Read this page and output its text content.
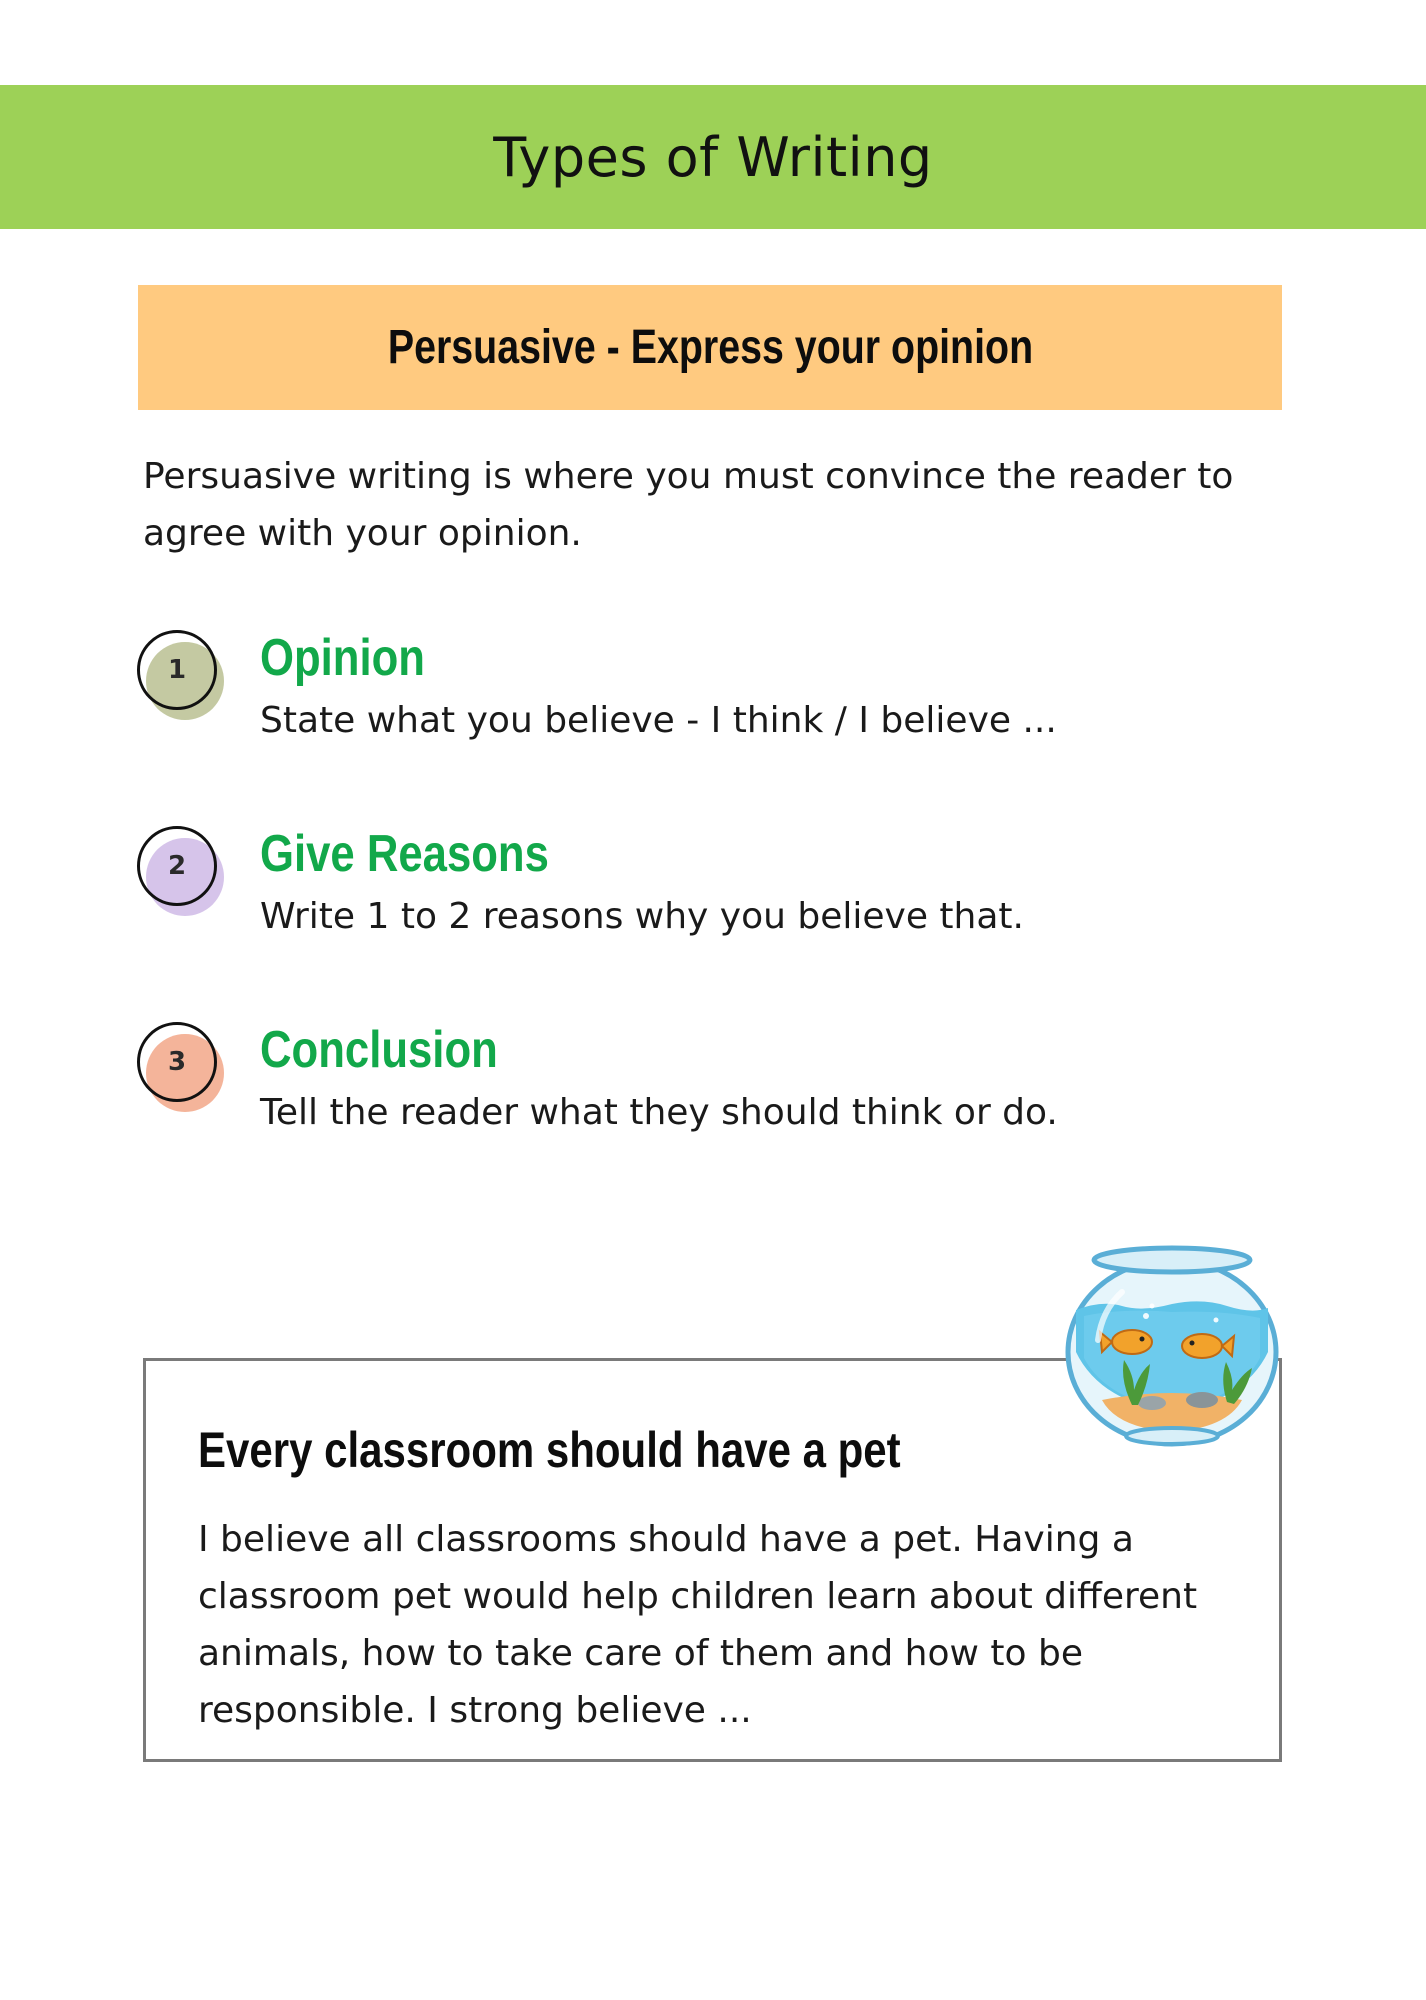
Types of Writing
Persuasive - Express your opinion
Persuasive writing is where you must convince the reader to agree with your opinion.
1 Opinion
State what you believe - I think / I believe ...
2 Give Reasons
Write 1 to 2 reasons why you believe that.
3 Conclusion
Tell the reader what they should think or do.
Every classroom should have a pet
I believe all classrooms should have a pet. Having a classroom pet would help children learn about different animals, how to take care of them and how to be responsible. I strong believe ...
